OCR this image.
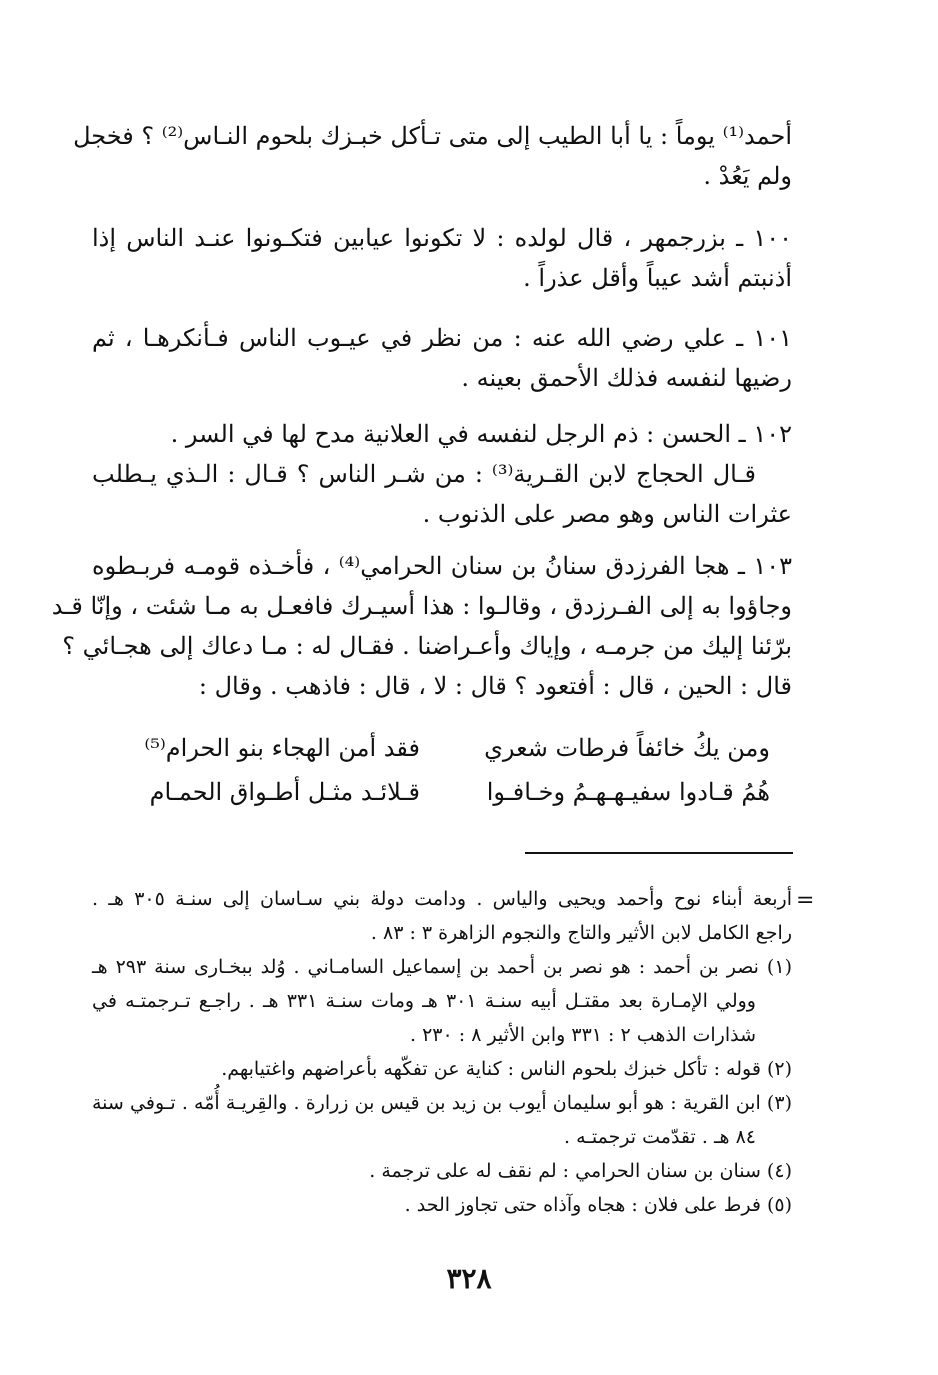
أحمد⁽¹⁾ يوماً : يا أبا الطيب إلى متى تـأكل خبـزك بلحوم النـاس⁽²⁾ ؟ فخجل
ولم يَعُدْ .
١٠٠ ـ بزرجمهر ، قال لولده : لا تكونوا عيابين فتكـونوا عنـد الناس إذا
أذنبتم أشد عيباً وأقل عذراً .
١٠١ ـ علي رضي الله عنه : من نظر في عيـوب الناس فـأنكرهـا ، ثم
رضيها لنفسه فذلك الأحمق بعينه .
١٠٢ ـ الحسن : ذم الرجل لنفسه في العلانية مدح لها في السر .
قـال الحجاج لابن القـرية⁽³⁾ : من شـر الناس ؟ قـال : الـذي يـطلب
عثرات الناس وهو مصر على الذنوب .
١٠٣ ـ هجا الفرزدق سنانُ بن سنان الحرامي⁽⁴⁾ ، فأخـذه قومـه فربـطوه
وجاؤوا به إلى الفـرزدق ، وقالـوا : هذا أسيـرك فافعـل به مـا شئت ، وإنّا قـد
برّئنا إليك من جرمـه ، وإياك وأعـراضنا . فقـال له : مـا دعاك إلى هجـائي ؟
قال : الحين ، قال : أفتعود ؟ قال : لا ، قال : فاذهب . وقال :
ومن يكُ خائفاً فرطات شعري
فقد أمن الهجاء بنو الحرام⁽⁵⁾
هُمُ قـادوا سفيـهـهـمُ وخـافـوا
قـلائـد مثـل أطـواق الحمـام
=
أربعة أبناء نوح وأحمد ويحيى والياس . ودامت دولة بني سـاسان إلى سنـة ٣٠٥ هـ .
راجع الكامل لابن الأثير والتاج والنجوم الزاهرة ٣ : ٨٣ .
(١) نصر بن أحمد : هو نصر بن أحمد بن إسماعيل السامـاني . وُلد ببخـارى سنة ٢٩٣ هـ
وولي الإمـارة بعد مقتـل أبيه سنـة ٣٠١ هـ ومات سنـة ٣٣١ هـ . راجـع تـرجمتـه في
شذارات الذهب ٢ : ٣٣١ وابن الأثير ٨ : ٢٣٠ .
(٢) قوله : تأكل خبزك بلحوم الناس : كناية عن تفكّهه بأعراضهم واغتيابهم.
(٣) ابن القرية : هو أبو سليمان أيوب بن زيد بن قيس بن زرارة . والقِريـة أُمّه . تـوفي سنة
٨٤ هـ . تقدّمت ترجمتـه .
(٤) سنان بن سنان الحرامي : لم نقف له على ترجمة .
(٥) فرط على فلان : هجاه وآذاه حتى تجاوز الحد .
٣٢٨
